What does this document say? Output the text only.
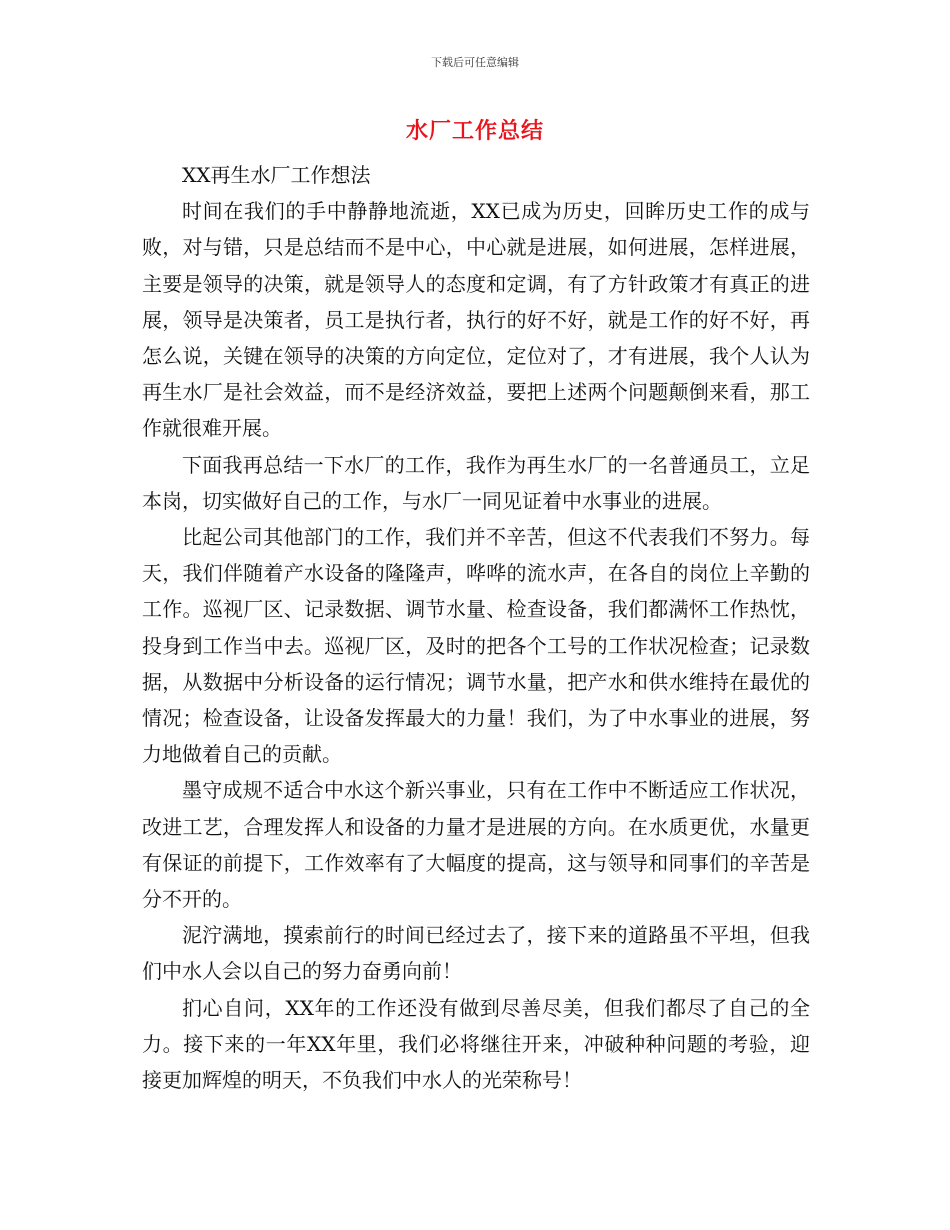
下载后可任意编辑
水厂工作总结

XX再生水厂工作想法

时间在我们的手中静静地流逝，XX已成为历史，回眸历史工作的成与败，对与错，只是总结而不是中心，中心就是进展，如何进展，怎样进展，主要是领导的决策，就是领导人的态度和定调，有了方针政策才有真正的进展，领导是决策者，员工是执行者，执行的好不好，就是工作的好不好，再怎么说，关键在领导的决策的方向定位，定位对了，才有进展，我个人认为再生水厂是社会效益，而不是经济效益，要把上述两个问题颠倒来看，那工作就很难开展。

下面我再总结一下水厂的工作，我作为再生水厂的一名普通员工，立足本岗，切实做好自己的工作，与水厂一同见证着中水事业的进展。

比起公司其他部门的工作，我们并不辛苦，但这不代表我们不努力。每天，我们伴随着产水设备的隆隆声，哗哗的流水声，在各自的岗位上辛勤的工作。巡视厂区、记录数据、调节水量、检查设备，我们都满怀工作热忱，投身到工作当中去。巡视厂区，及时的把各个工号的工作状况检查；记录数据，从数据中分析设备的运行情况；调节水量，把产水和供水维持在最优的情况；检查设备，让设备发挥最大的力量！我们，为了中水事业的进展，努力地做着自己的贡献。

墨守成规不适合中水这个新兴事业，只有在工作中不断适应工作状况，改进工艺，合理发挥人和设备的力量才是进展的方向。在水质更优，水量更有保证的前提下，工作效率有了大幅度的提高，这与领导和同事们的辛苦是分不开的。

泥泞满地，摸索前行的时间已经过去了，接下来的道路虽不平坦，但我们中水人会以自己的努力奋勇向前！

扪心自问，XX年的工作还没有做到尽善尽美，但我们都尽了自己的全力。接下来的一年XX年里，我们必将继往开来，冲破种种问题的考验，迎接更加辉煌的明天，不负我们中水人的光荣称号！
